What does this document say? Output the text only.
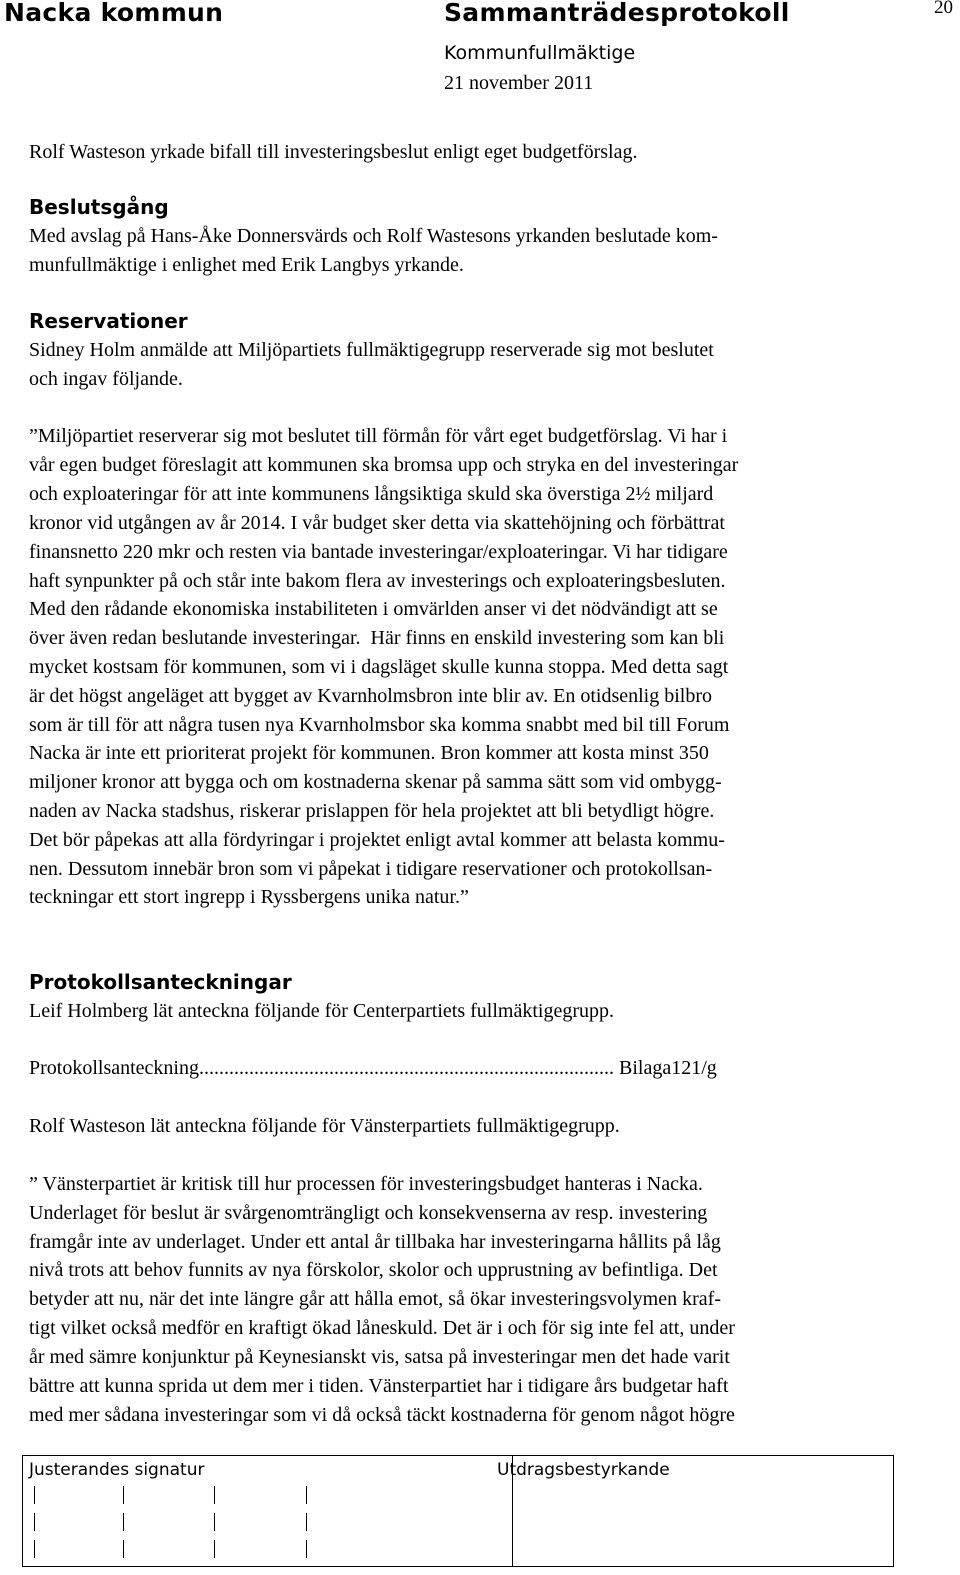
Nacka kommun	Sammanträdesprotokoll	20
Kommunfullmäktige
21 november 2011
Rolf Wasteson yrkade bifall till investeringsbeslut enligt eget budgetförslag.
Beslutsgång
Med avslag på Hans-Åke Donnersvärds och Rolf Wastesons yrkanden beslutade kom-
munfullmäktige i enlighet med Erik Langbys yrkande.
Reservationer
Sidney Holm anmälde att Miljöpartiets fullmäktigegrupp reserverade sig mot beslutet
och ingav följande.
”Miljöpartiet reserverar sig mot beslutet till förmån för vårt eget budgetförslag. Vi har i
vår egen budget föreslagit att kommunen ska bromsa upp och stryka en del investeringar
och exploateringar för att inte kommunens långsiktiga skuld ska överstiga 2½ miljard
kronor vid utgången av år 2014. I vår budget sker detta via skattehöjning och förbättrat
finansnetto 220 mkr och resten via bantade investeringar/exploateringar. Vi har tidigare
haft synpunkter på och står inte bakom flera av investerings och exploateringsbesluten.
Med den rådande ekonomiska instabiliteten i omvärlden anser vi det nödvändigt att se
över även redan beslutande investeringar.  Här finns en enskild investering som kan bli
mycket kostsam för kommunen, som vi i dagsläget skulle kunna stoppa. Med detta sagt
är det högst angeläget att bygget av Kvarnholmsbron inte blir av. En otidsenlig bilbro
som är till för att några tusen nya Kvarnholmsbor ska komma snabbt med bil till Forum
Nacka är inte ett prioriterat projekt för kommunen. Bron kommer att kosta minst 350
miljoner kronor att bygga och om kostnaderna skenar på samma sätt som vid ombygg-
naden av Nacka stadshus, riskerar prislappen för hela projektet att bli betydligt högre.
Det bör påpekas att alla fördyringar i projektet enligt avtal kommer att belasta kommu-
nen. Dessutom innebär bron som vi påpekat i tidigare reservationer och protokollsan-
teckningar ett stort ingrepp i Ryssbergens unika natur.”
Protokollsanteckningar
Leif Holmberg lät anteckna följande för Centerpartiets fullmäktigegrupp.
Protokollsanteckning................................................................................... Bilaga121/g
Rolf Wasteson lät anteckna följande för Vänsterpartiets fullmäktigegrupp.
” Vänsterpartiet är kritisk till hur processen för investeringsbudget hanteras i Nacka.
Underlaget för beslut är svårgenomträngligt och konsekvenserna av resp. investering
framgår inte av underlaget. Under ett antal år tillbaka har investeringarna hållits på låg
nivå trots att behov funnits av nya förskolor, skolor och upprustning av befintliga. Det
betyder att nu, när det inte längre går att hålla emot, så ökar investeringsvolymen kraf-
tigt vilket också medför en kraftigt ökad låneskuld. Det är i och för sig inte fel att, under
år med sämre konjunktur på Keynesianskt vis, satsa på investeringar men det hade varit
bättre att kunna sprida ut dem mer i tiden. Vänsterpartiet har i tidigare års budgetar haft
med mer sådana investeringar som vi då också täckt kostnaderna för genom något högre
Justerandes signatur	Utdragsbestyrkande
